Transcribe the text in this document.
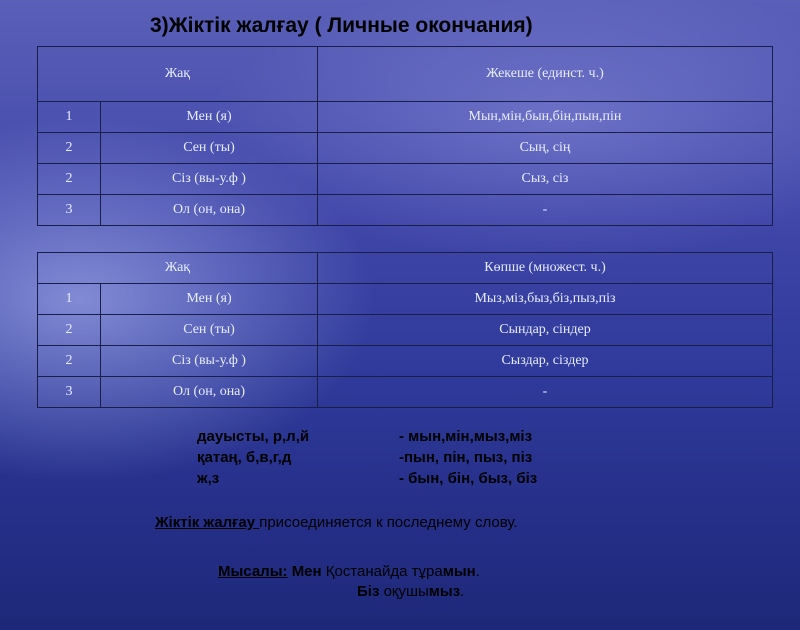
3)Жіктік жалғау ( Личные окончания)
Жақ		Жекеше (единст. ч.)
1	Мен (я)	Мын,мін,бын,бін,пын,пін
2	Сен (ты)	Сың, сің
2	Сіз (вы-у.ф )	Сыз, сіз
3	Ол (он, она)	-
Жақ		Көпше (множест. ч.)
1	Мен (я)	Мыз,міз,быз,біз,пыз,піз
2	Сен (ты)	Сындар, сіндер
2	Сіз (вы-у.ф )	Сыздар, сіздер
3	Ол (он, она)	-
дауысты, р,л,й	- мын,мін,мыз,міз
қатаң, б,в,г,д	-пын, пін, пыз, піз
ж,з	- бын, бін, быз, біз
Жіктік жалғау присоединяется к последнему слову.
Мысалы: Мен Қостанайда тұрамын.
Біз оқушымыз.
